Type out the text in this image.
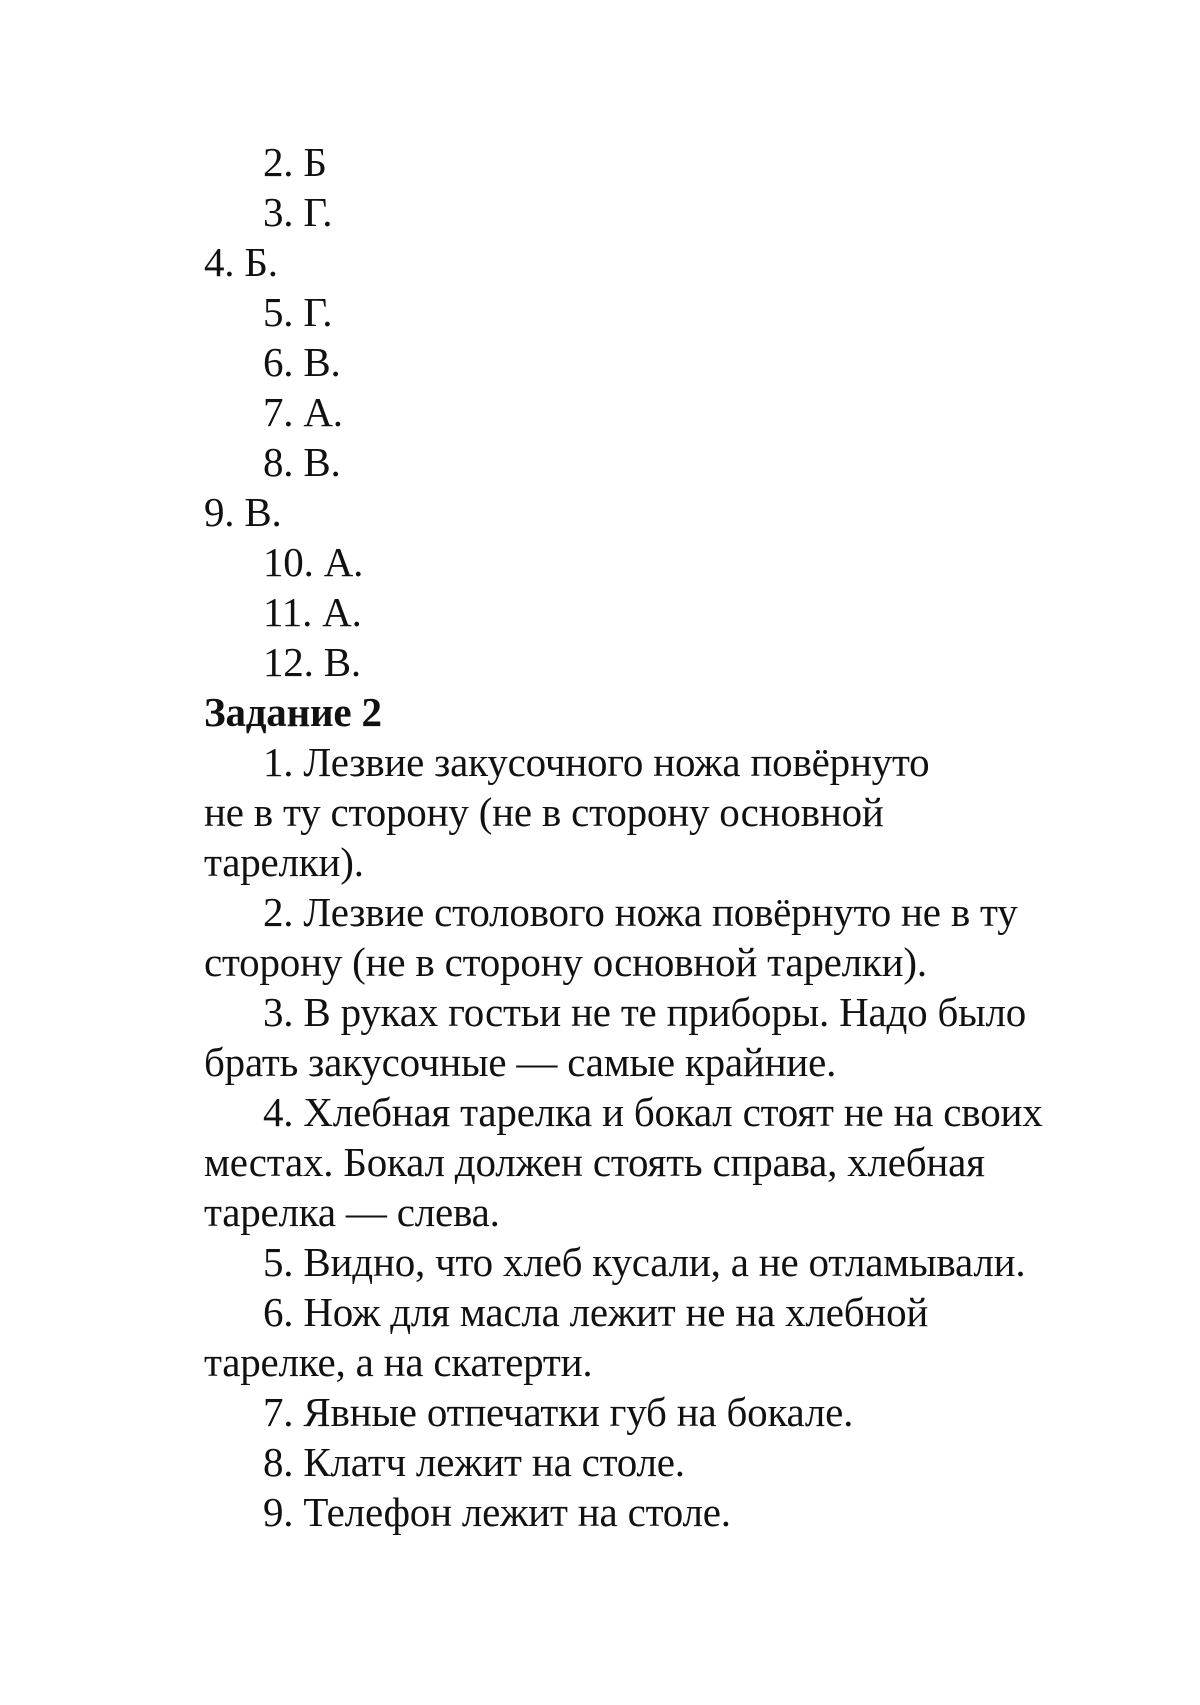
2. Б
3. Г.
4. Б.
5. Г.
6. В.
7. А.
8. В.
9. В.
10. А.
11. А.
12. В.
Задание 2
1. Лезвие закусочного ножа повёрнуто
не в ту сторону (не в сторону основной
тарелки).
2. Лезвие столового ножа повёрнуто не в ту
сторону (не в сторону основной тарелки).
3. В руках гостьи не те приборы. Надо было
брать закусочные — самые крайние.
4. Хлебная тарелка и бокал стоят не на своих
местах. Бокал должен стоять справа, хлебная
тарелка — слева.
5. Видно, что хлеб кусали, а не отламывали.
6. Нож для масла лежит не на хлебной
тарелке, а на скатерти.
7. Явные отпечатки губ на бокале.
8. Клатч лежит на столе.
9. Телефон лежит на столе.
